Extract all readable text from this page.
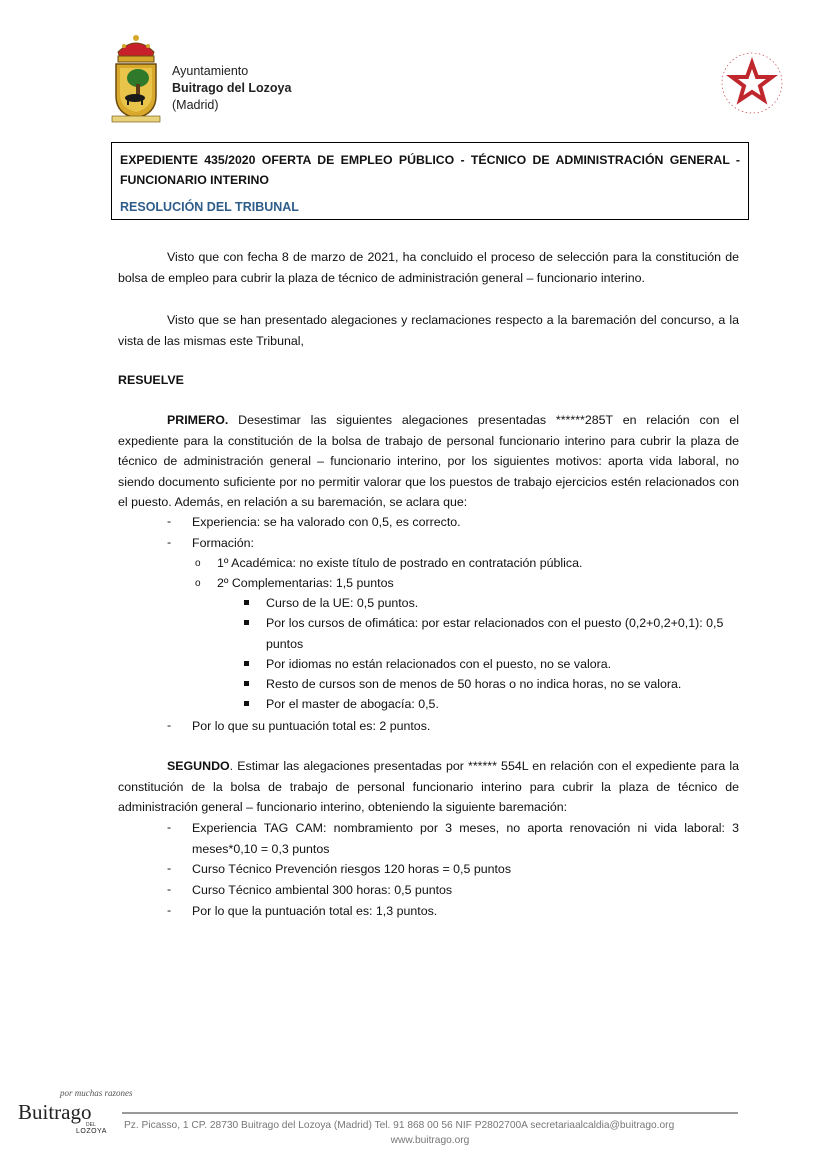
Ayuntamiento
Buitrago del Lozoya
(Madrid)
EXPEDIENTE 435/2020 OFERTA DE EMPLEO PÚBLICO - TÉCNICO DE ADMINISTRACIÓN GENERAL - FUNCIONARIO INTERINO
RESOLUCIÓN DEL TRIBUNAL
Visto que con fecha 8 de marzo de 2021, ha concluido el proceso de selección para la constitución de bolsa de empleo para cubrir la plaza de técnico de administración general – funcionario interino.
Visto que se han presentado alegaciones y reclamaciones respecto a la baremación del concurso, a la vista de las mismas este Tribunal,
RESUELVE
PRIMERO. Desestimar las siguientes alegaciones presentadas ******285T en relación con el expediente para la constitución de la bolsa de trabajo de personal funcionario interino para cubrir la plaza de técnico de administración general – funcionario interino, por los siguientes motivos: aporta vida laboral, no siendo documento suficiente por no permitir valorar que los puestos de trabajo ejercicios estén relacionados con el puesto. Además, en relación a su baremación, se aclara que:
- Experiencia: se ha valorado con 0,5, es correcto.
- Formación:
o 1º Académica: no existe título de postrado en contratación pública.
o 2º Complementarias: 1,5 puntos
Curso de la UE: 0,5 puntos.
Por los cursos de ofimática: por estar relacionados con el puesto (0,2+0,2+0,1): 0,5 puntos
Por idiomas no están relacionados con el puesto, no se valora.
Resto de cursos son de menos de 50 horas o no indica horas, no se valora.
Por el master de abogacía: 0,5.
- Por lo que su puntuación total es: 2 puntos.
SEGUNDO. Estimar las alegaciones presentadas por ****** 554L en relación con el expediente para la constitución de la bolsa de trabajo de personal funcionario interino para cubrir la plaza de técnico de administración general – funcionario interino, obteniendo la siguiente baremación:
- Experiencia TAG CAM: nombramiento por 3 meses, no aporta renovación ni vida laboral: 3 meses*0,10 = 0,3 puntos
- Curso Técnico Prevención riesgos 120 horas = 0,5 puntos
- Curso Técnico ambiental 300 horas: 0,5 puntos
- Por lo que la puntuación total es: 1,3 puntos.
por muchas razones
Buitrago
DEL
LOZOYA
Pz. Picasso, 1 CP. 28730 Buitrago del Lozoya (Madrid) Tel. 91 868 00 56 NIF P2802700A secretariaalcaldia@buitrago.org
www.buitrago.org
